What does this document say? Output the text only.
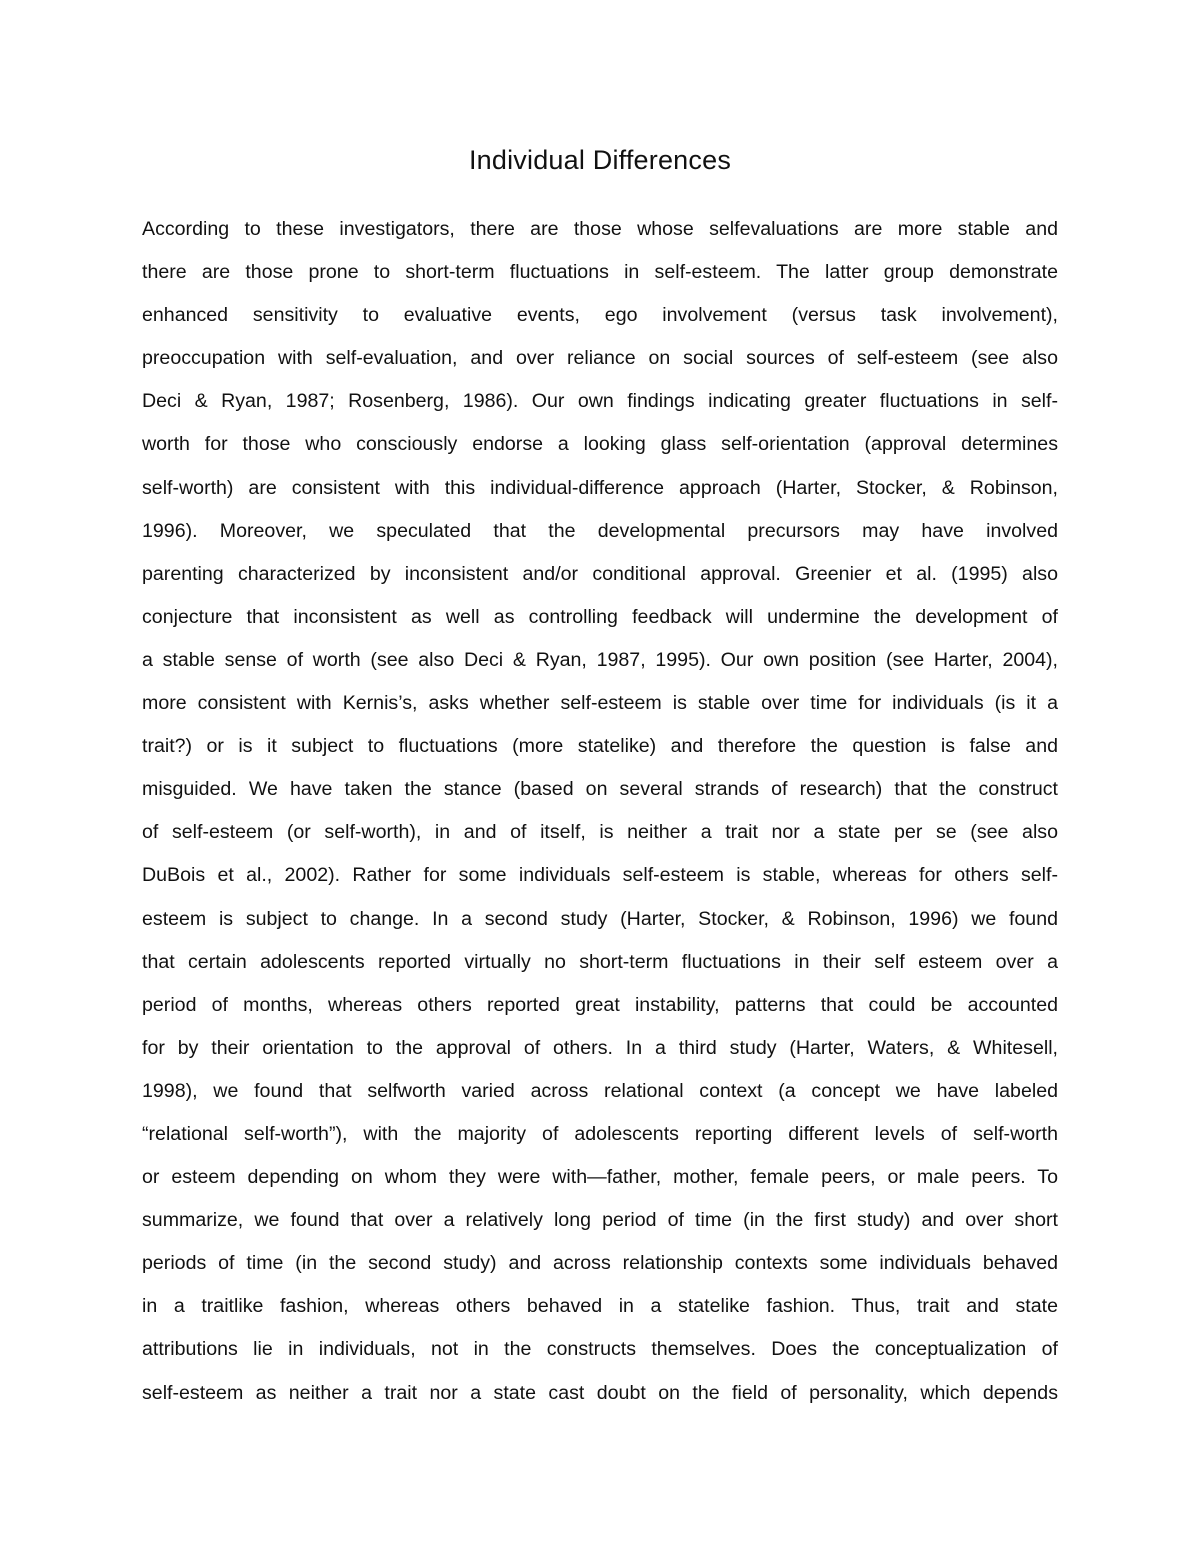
Individual Differences
According to these investigators, there are those whose selfevaluations are more stable and
there are those prone to short-term fluctuations in self-esteem. The latter group demonstrate
enhanced sensitivity to evaluative events, ego involvement (versus task involvement),
preoccupation with self-evaluation, and over reliance on social sources of self-esteem (see also
Deci & Ryan, 1987; Rosenberg, 1986). Our own findings indicating greater fluctuations in self-
worth for those who consciously endorse a looking glass self-orientation (approval determines
self-worth) are consistent with this individual-difference approach (Harter, Stocker, & Robinson,
1996). Moreover, we speculated that the developmental precursors may have involved
parenting characterized by inconsistent and/or conditional approval. Greenier et al. (1995) also
conjecture that inconsistent as well as controlling feedback will undermine the development of
a stable sense of worth (see also Deci & Ryan, 1987, 1995). Our own position (see Harter, 2004),
more consistent with Kernis’s, asks whether self-esteem is stable over time for individuals (is it a
trait?) or is it subject to fluctuations (more statelike) and therefore the question is false and
misguided. We have taken the stance (based on several strands of research) that the construct
of self-esteem (or self-worth), in and of itself, is neither a trait nor a state per se (see also
DuBois et al., 2002). Rather for some individuals self-esteem is stable, whereas for others self-
esteem is subject to change. In a second study (Harter, Stocker, & Robinson, 1996) we found
that certain adolescents reported virtually no short-term fluctuations in their self esteem over a
period of months, whereas others reported great instability, patterns that could be accounted
for by their orientation to the approval of others. In a third study (Harter, Waters, & Whitesell,
1998), we found that selfworth varied across relational context (a concept we have labeled
“relational self-worth”), with the majority of adolescents reporting different levels of self-worth
or esteem depending on whom they were with—father, mother, female peers, or male peers. To
summarize, we found that over a relatively long period of time (in the first study) and over short
periods of time (in the second study) and across relationship contexts some individuals behaved
in a traitlike fashion, whereas others behaved in a statelike fashion. Thus, trait and state
attributions lie in individuals, not in the constructs themselves. Does the conceptualization of
self-esteem as neither a trait nor a state cast doubt on the field of personality, which depends
